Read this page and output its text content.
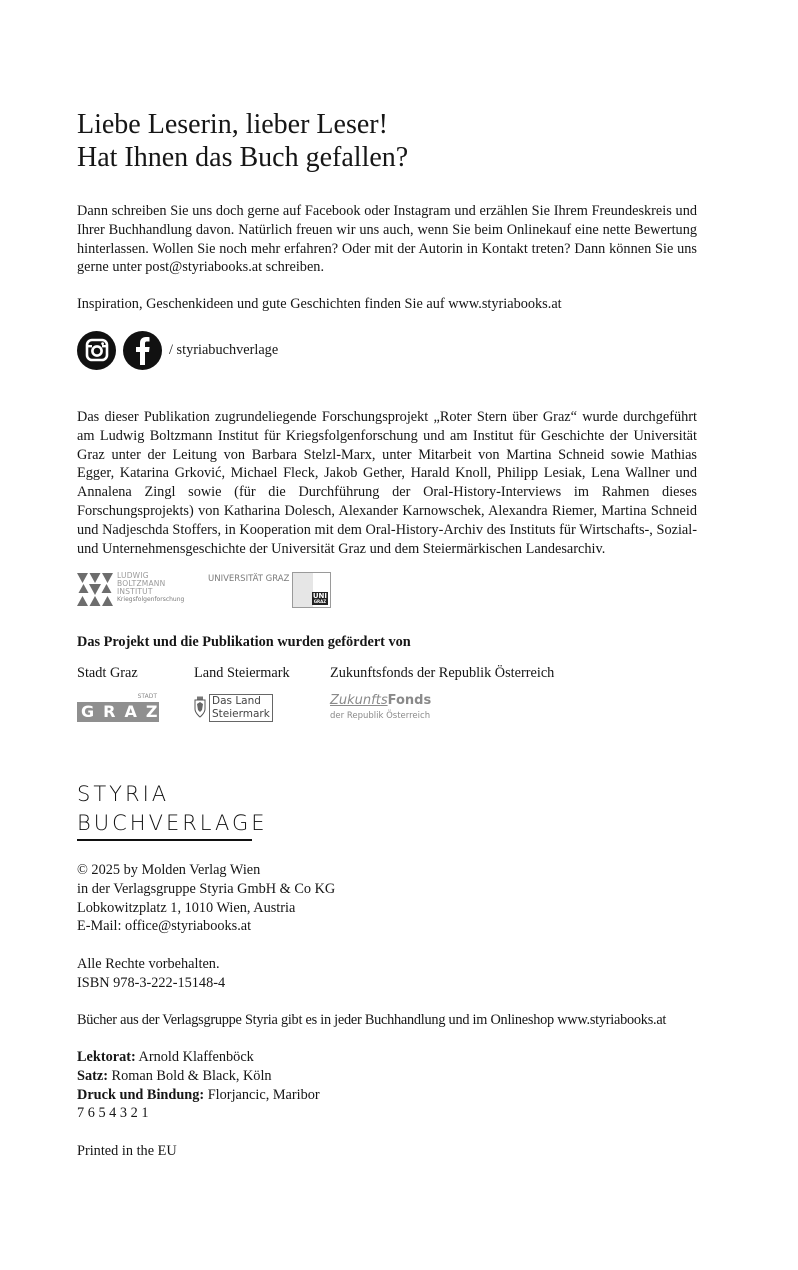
Liebe Leserin, lieber Leser!
Hat Ihnen das Buch gefallen?

Dann schreiben Sie uns doch gerne auf Facebook oder Instagram und erzählen Sie Ihrem Freundeskreis und Ihrer Buchhandlung davon. Natürlich freuen wir uns auch, wenn Sie beim Onlinekauf eine nette Bewertung hinterlassen. Wollen Sie noch mehr erfahren? Oder mit der Autorin in Kontakt treten? Dann können Sie uns gerne unter post@styriabooks.at schreiben.

Inspiration, Geschenkideen und gute Geschichten finden Sie auf www.styriabooks.at

/ styriabuchverlage

Das dieser Publikation zugrundeliegende Forschungsprojekt „Roter Stern über Graz“ wurde durchgeführt am Ludwig Boltzmann Institut für Kriegsfolgenforschung und am Institut für Geschichte der Universität Graz unter der Leitung von Barbara Stelzl-Marx, unter Mitarbeit von Martina Schneid sowie Mathias Egger, Katarina Grković, Michael Fleck, Jakob Gether, Harald Knoll, Philipp Lesiak, Lena Wallner und Annalena Zingl sowie (für die Durchführung der Oral-History-Interviews im Rahmen dieses Forschungsprojekts) von Katharina Dolesch, Alexander Karnowschek, Alexandra Riemer, Martina Schneid und Nadjeschda Stoffers, in Kooperation mit dem Oral-History-Archiv des Instituts für Wirtschafts-, Sozial- und Unternehmensgeschichte der Universität Graz und dem Steiermärkischen Landesarchiv.

LUDWIG
BOLTZMANN
INSTITUT
Kriegsfolgenforschung
UNIVERSITÄT GRAZ
UNI
GRAZ
Das Projekt und die Publikation wurden gefördert von
Stadt Graz	Land Steiermark	Zukunftsfonds der Republik Österreich
STADT
GRAZ
Das Land
Steiermark
ZukunftsFonds
der Republik Österreich
STYRIA
BUCHVERLAGE
© 2025 by Molden Verlag Wien
in der Verlagsgruppe Styria GmbH & Co KG
Lobkowitzplatz 1, 1010 Wien, Austria
E-Mail: office@styriabooks.at
Alle Rechte vorbehalten.
ISBN 978-3-222-15148-4
Bücher aus der Verlagsgruppe Styria gibt es in jeder Buchhandlung und im Onlineshop www.styriabooks.at
Lektorat: Arnold Klaffenböck
Satz: Roman Bold & Black, Köln
Druck und Bindung: Florjancic, Maribor
7 6 5 4 3 2 1
Printed in the EU
